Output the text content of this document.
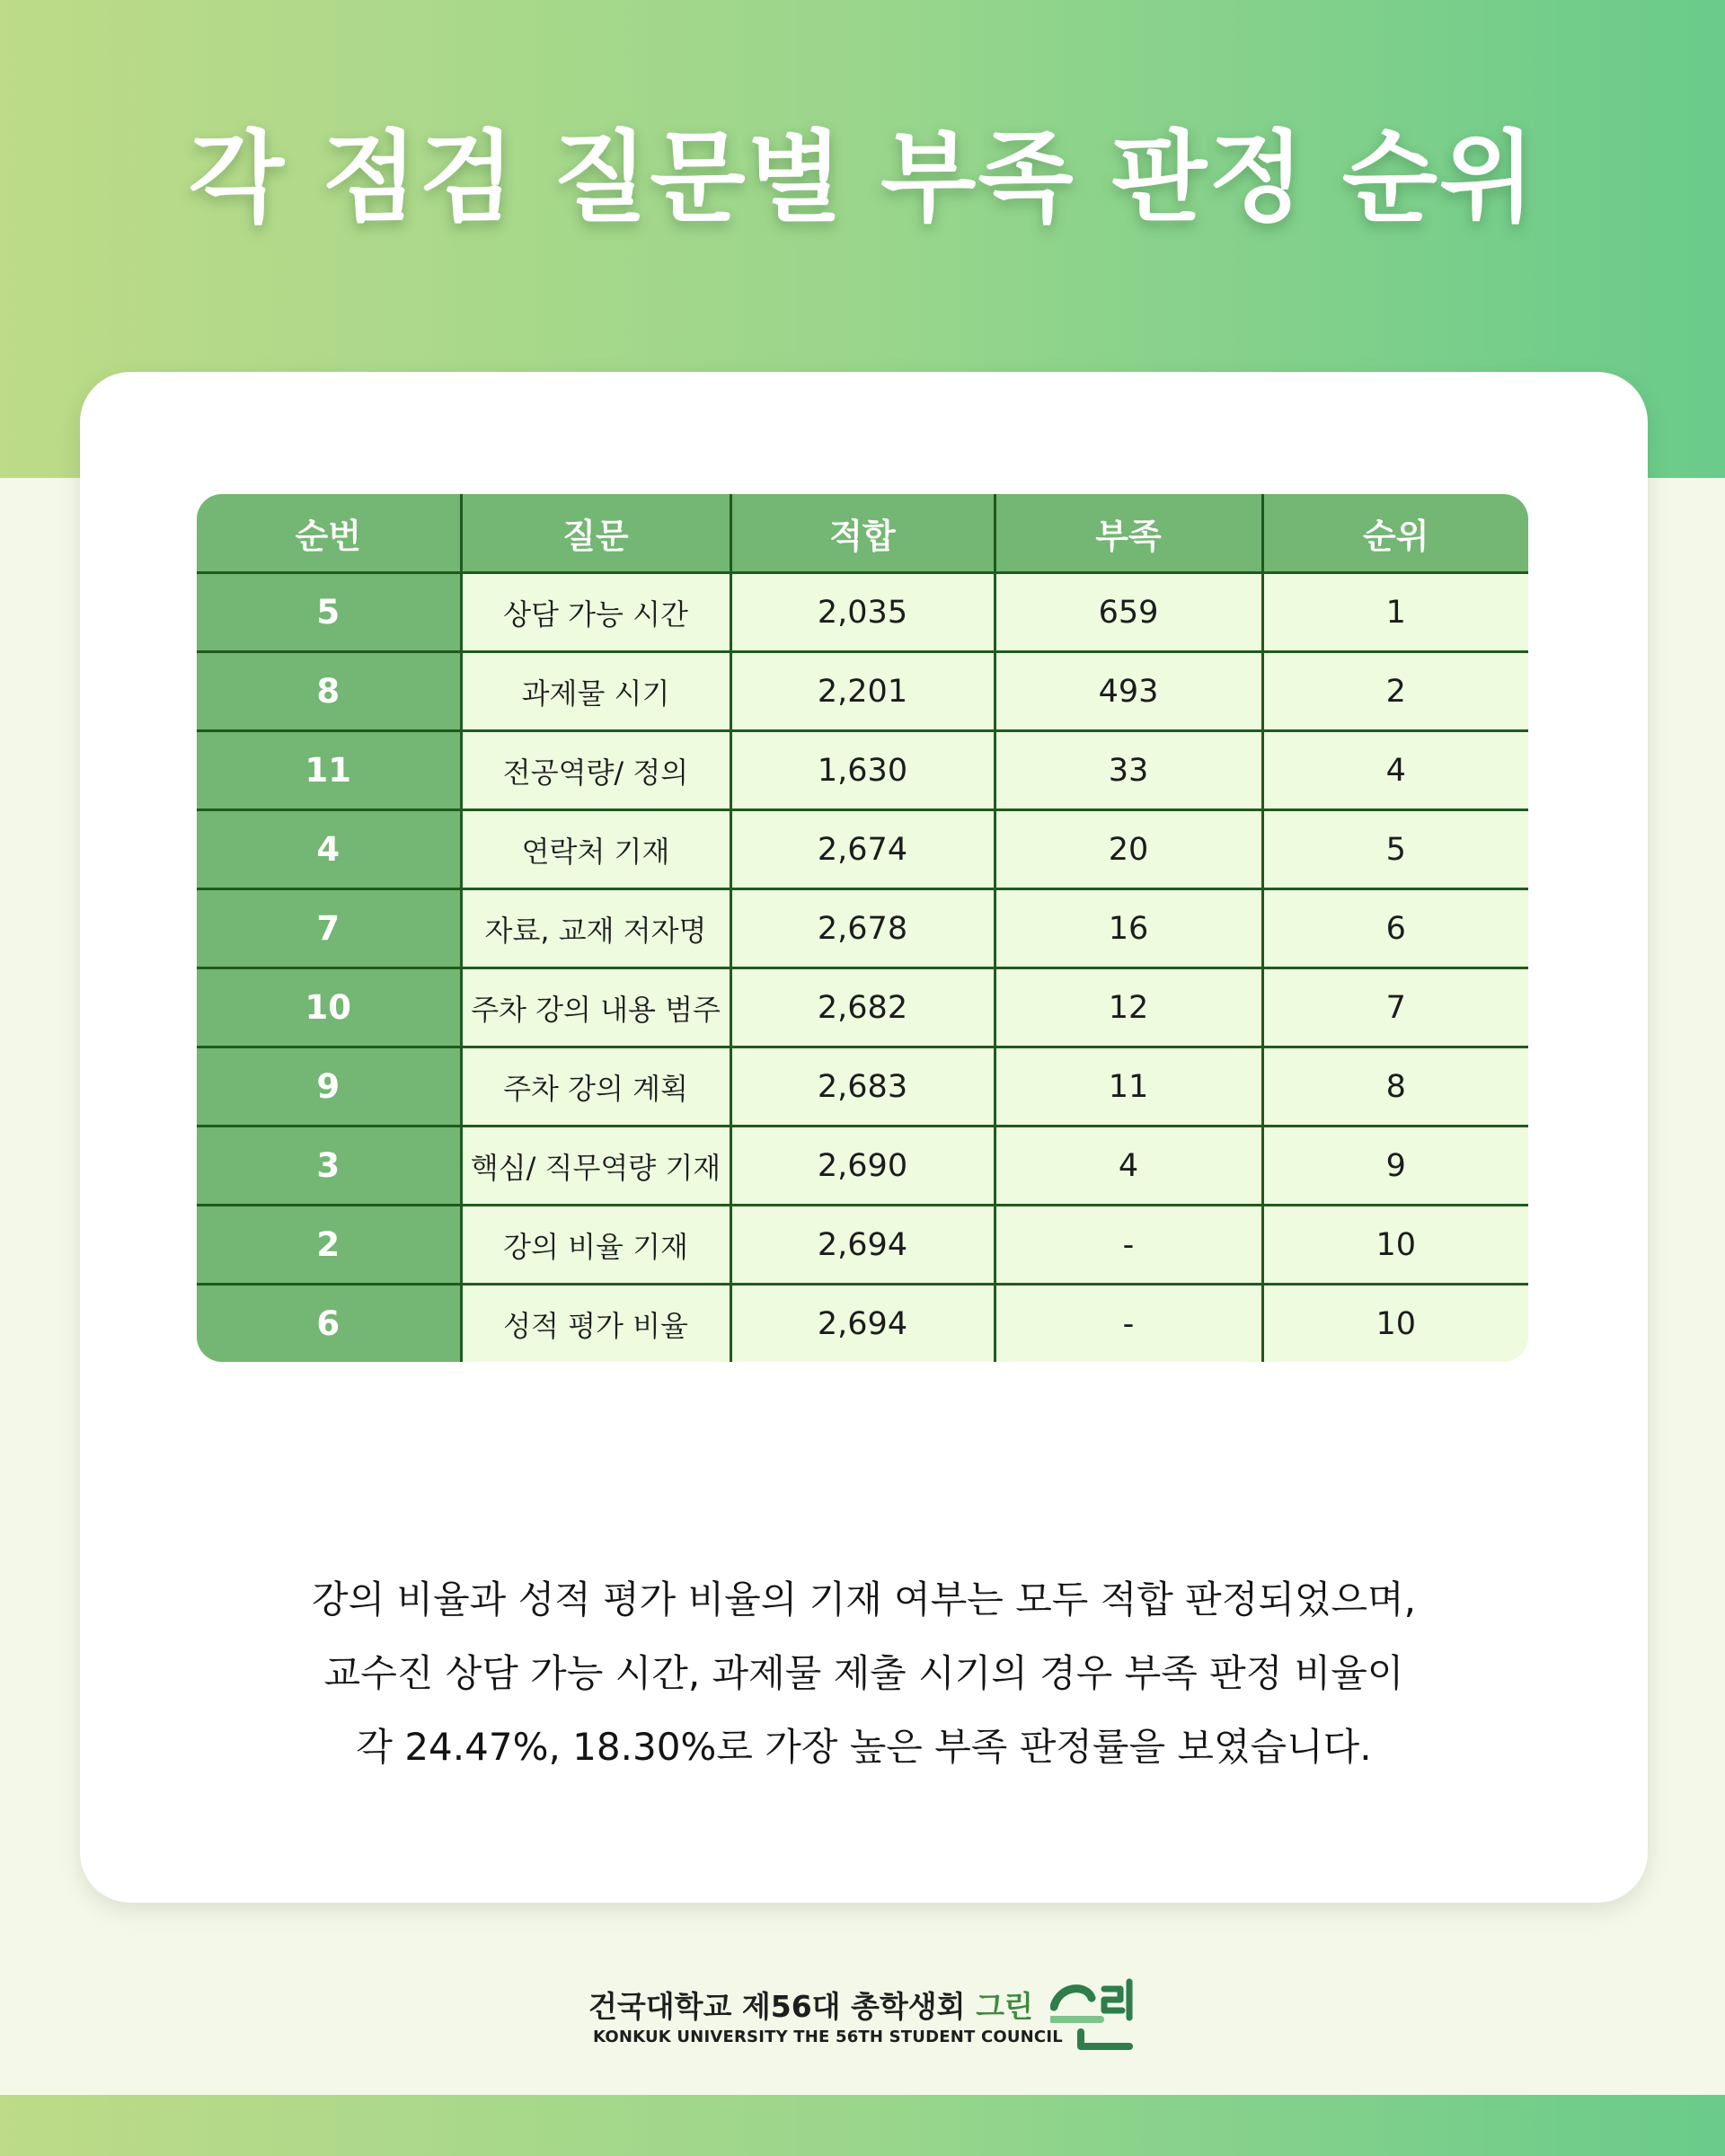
각 점검 질문별 부족 판정 순위
순번	질문	적합	부족	순위
5	상담 가능 시간	2,035	659	1
8	과제물 시기	2,201	493	2
11	전공역량/ 정의	1,630	33	4
4	연락처 기재	2,674	20	5
7	자료, 교재 저자명	2,678	16	6
10	주차 강의 내용 범주	2,682	12	7
9	주차 강의 계획	2,683	11	8
3	핵심/ 직무역량 기재	2,690	4	9
2	강의 비율 기재	2,694	-	10
6	성적 평가 비율	2,694	-	10
강의 비율과 성적 평가 비율의 기재 여부는 모두 적합 판정되었으며,
교수진 상담 가능 시간, 과제물 제출 시기의 경우 부족 판정 비율이
각 24.47%, 18.30%로 가장 높은 부족 판정률을 보였습니다.
건국대학교 제56대 총학생회 그린
KONKUK UNIVERSITY THE 56TH STUDENT COUNCIL
